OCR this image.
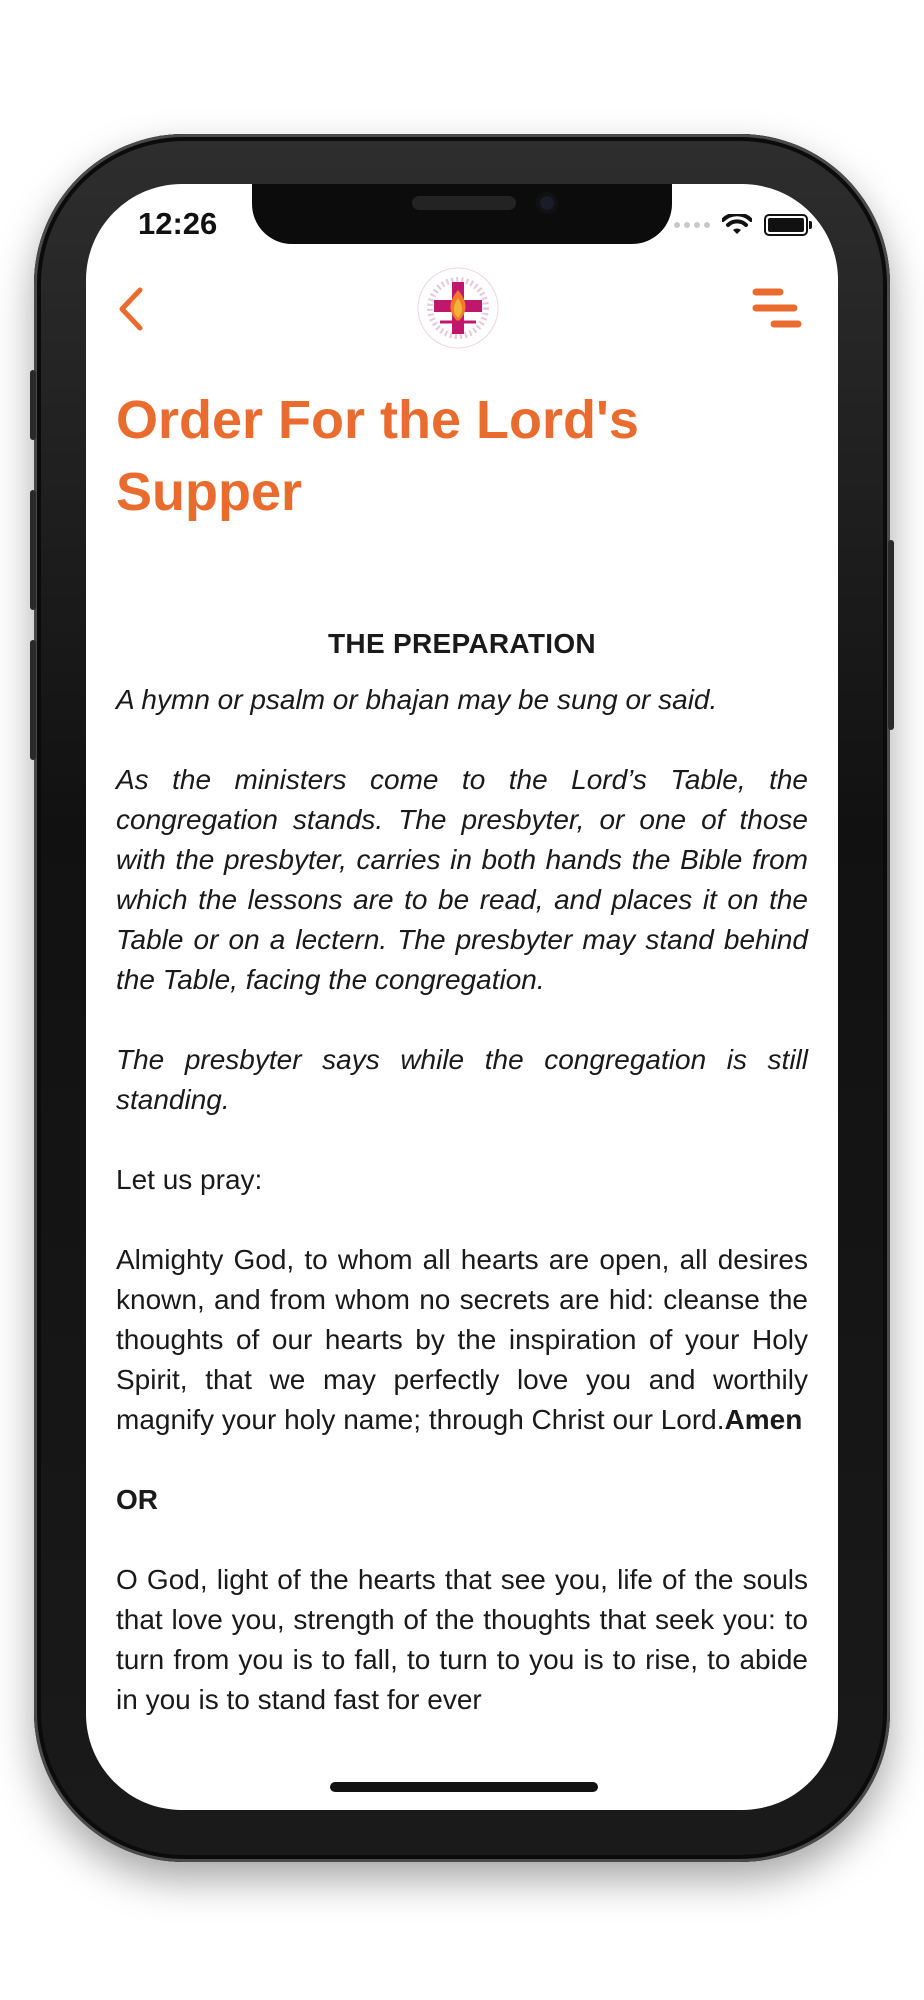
12:26
Order For the Lord's Supper
THE PREPARATION

A hymn or psalm or bhajan may be sung or said.

As the ministers come to the Lord’s Table, the congregation stands. The presbyter, or one of those with the presbyter, carries in both hands the Bible from which the lessons are to be read, and places it on the Table or on a lectern. The presbyter may stand behind the Table, facing the congregation.

The presbyter says while the congregation is still standing.

Let us pray:

Almighty God, to whom all hearts are open, all desires known, and from whom no secrets are hid: cleanse the thoughts of our hearts by the inspiration of your Holy Spirit, that we may perfectly love you and worthily magnify your holy name; through Christ our Lord.Amen

OR

O God, light of the hearts that see you, life of the souls that love you, strength of the thoughts that seek you: to turn from you is to fall, to turn to you is to rise, to abide in you is to stand fast for ever
